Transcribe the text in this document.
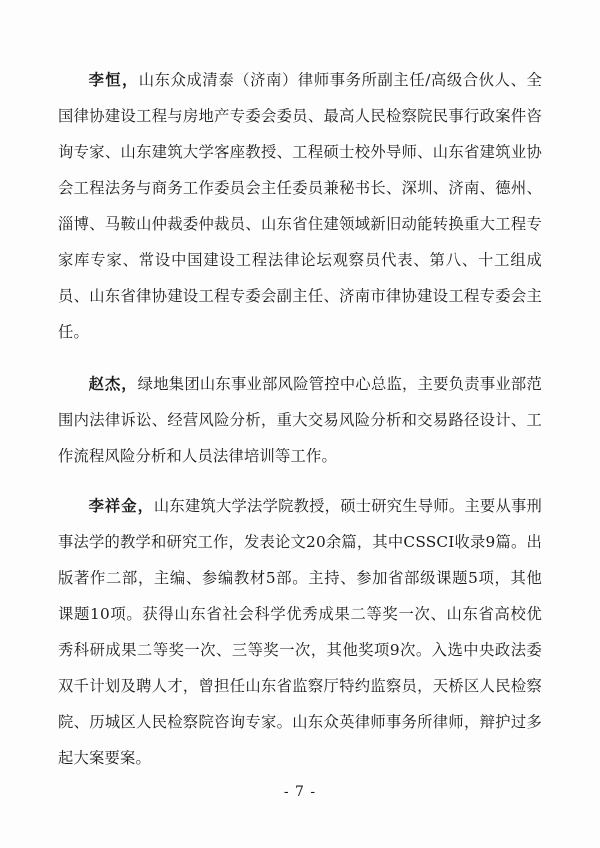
李恒，山东众成清泰（济南）律师事务所副主任/高级合伙人、全国律协建设工程与房地产专委会委员、最高人民检察院民事行政案件咨询专家、山东建筑大学客座教授、工程硕士校外导师、山东省建筑业协会工程法务与商务工作委员会主任委员兼秘书长、深圳、济南、德州、淄博、马鞍山仲裁委仲裁员、山东省住建领域新旧动能转换重大工程专家库专家、常设中国建设工程法律论坛观察员代表、第八、十工组成员、山东省律协建设工程专委会副主任、济南市律协建设工程专委会主任。

赵杰，绿地集团山东事业部风险管控中心总监，主要负责事业部范围内法律诉讼、经营风险分析，重大交易风险分析和交易路径设计、工作流程风险分析和人员法律培训等工作。

李祥金，山东建筑大学法学院教授，硕士研究生导师。主要从事刑事法学的教学和研究工作，发表论文20余篇，其中CSSCI收录9篇。出版著作二部，主编、参编教材5部。主持、参加省部级课题5项，其他课题10项。获得山东省社会科学优秀成果二等奖一次、山东省高校优秀科研成果二等奖一次、三等奖一次，其他奖项9次。入选中央政法委双千计划及聘人才，曾担任山东省监察厅特约监察员，天桥区人民检察院、历城区人民检察院咨询专家。山东众英律师事务所律师，辩护过多起大案要案。

- 7 -
